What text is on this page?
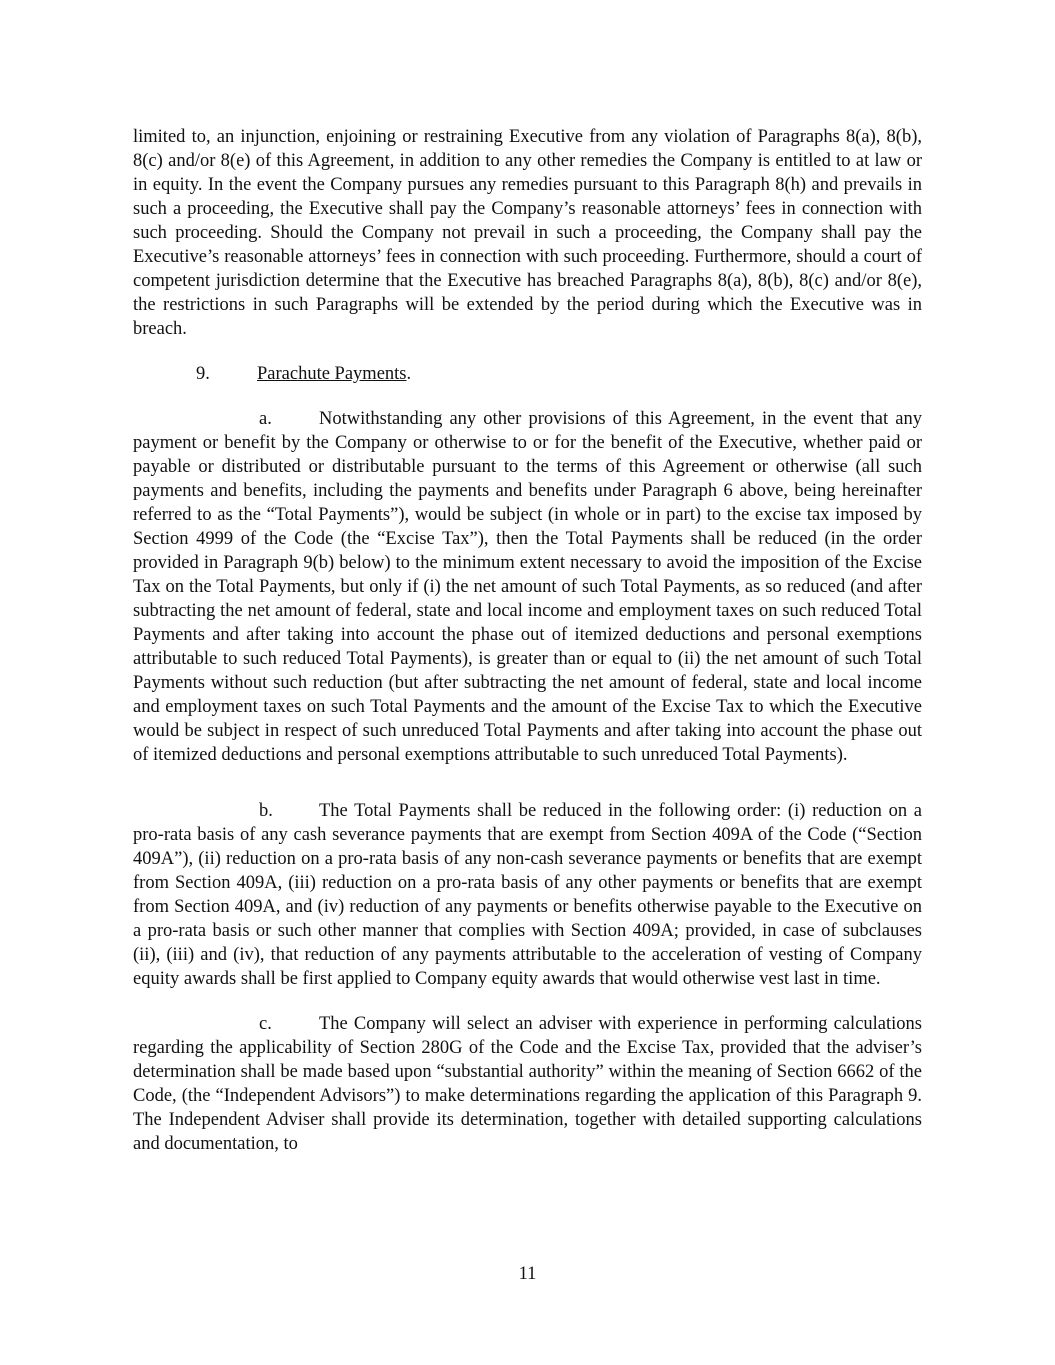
limited to, an injunction, enjoining or restraining Executive from any violation of Paragraphs 8(a), 8(b), 8(c) and/or 8(e) of this Agreement, in addition to any other remedies the Company is entitled to at law or in equity. In the event the Company pursues any remedies pursuant to this Paragraph 8(h) and prevails in such a proceeding, the Executive shall pay the Company’s reasonable attorneys’ fees in connection with such proceeding. Should the Company not prevail in such a proceeding, the Company shall pay the Executive’s reasonable attorneys’ fees in connection with such proceeding. Furthermore, should a court of competent jurisdiction determine that the Executive has breached Paragraphs 8(a), 8(b), 8(c) and/or 8(e), the restrictions in such Paragraphs will be extended by the period during which the Executive was in breach.

9.	Parachute Payments.

a.	Notwithstanding any other provisions of this Agreement, in the event that any payment or benefit by the Company or otherwise to or for the benefit of the Executive, whether paid or payable or distributed or distributable pursuant to the terms of this Agreement or otherwise (all such payments and benefits, including the payments and benefits under Paragraph 6 above, being hereinafter referred to as the “Total Payments”), would be subject (in whole or in part) to the excise tax imposed by Section 4999 of the Code (the “Excise Tax”), then the Total Payments shall be reduced (in the order provided in Paragraph 9(b) below) to the minimum extent necessary to avoid the imposition of the Excise Tax on the Total Payments, but only if (i) the net amount of such Total Payments, as so reduced (and after subtracting the net amount of federal, state and local income and employment taxes on such reduced Total Payments and after taking into account the phase out of itemized deductions and personal exemptions attributable to such reduced Total Payments), is greater than or equal to (ii) the net amount of such Total Payments without such reduction (but after subtracting the net amount of federal, state and local income and employment taxes on such Total Payments and the amount of the Excise Tax to which the Executive would be subject in respect of such unreduced Total Payments and after taking into account the phase out of itemized deductions and personal exemptions attributable to such unreduced Total Payments).

b. The Total Payments shall be reduced in the following order: (i) reduction on a pro-rata basis of any cash severance payments that are exempt from Section 409A of the Code (“Section 409A”), (ii) reduction on a pro-rata basis of any non-cash severance payments or benefits that are exempt from Section 409A, (iii) reduction on a pro-rata basis of any other payments or benefits that are exempt from Section 409A, and (iv) reduction of any payments or benefits otherwise payable to the Executive on a pro-rata basis or such other manner that complies with Section 409A; provided, in case of subclauses (ii), (iii) and (iv), that reduction of any payments attributable to the acceleration of vesting of Company equity awards shall be first applied to Company equity awards that would otherwise vest last in time.

c.	The Company will select an adviser with experience in performing calculations regarding the applicability of Section 280G of the Code and the Excise Tax, provided that the adviser’s determination shall be made based upon “substantial authority” within the meaning of Section 6662 of the Code, (the “Independent Advisors”) to make determinations regarding the application of this Paragraph 9. The Independent Adviser shall provide its determination, together with detailed supporting calculations and documentation, to

11
